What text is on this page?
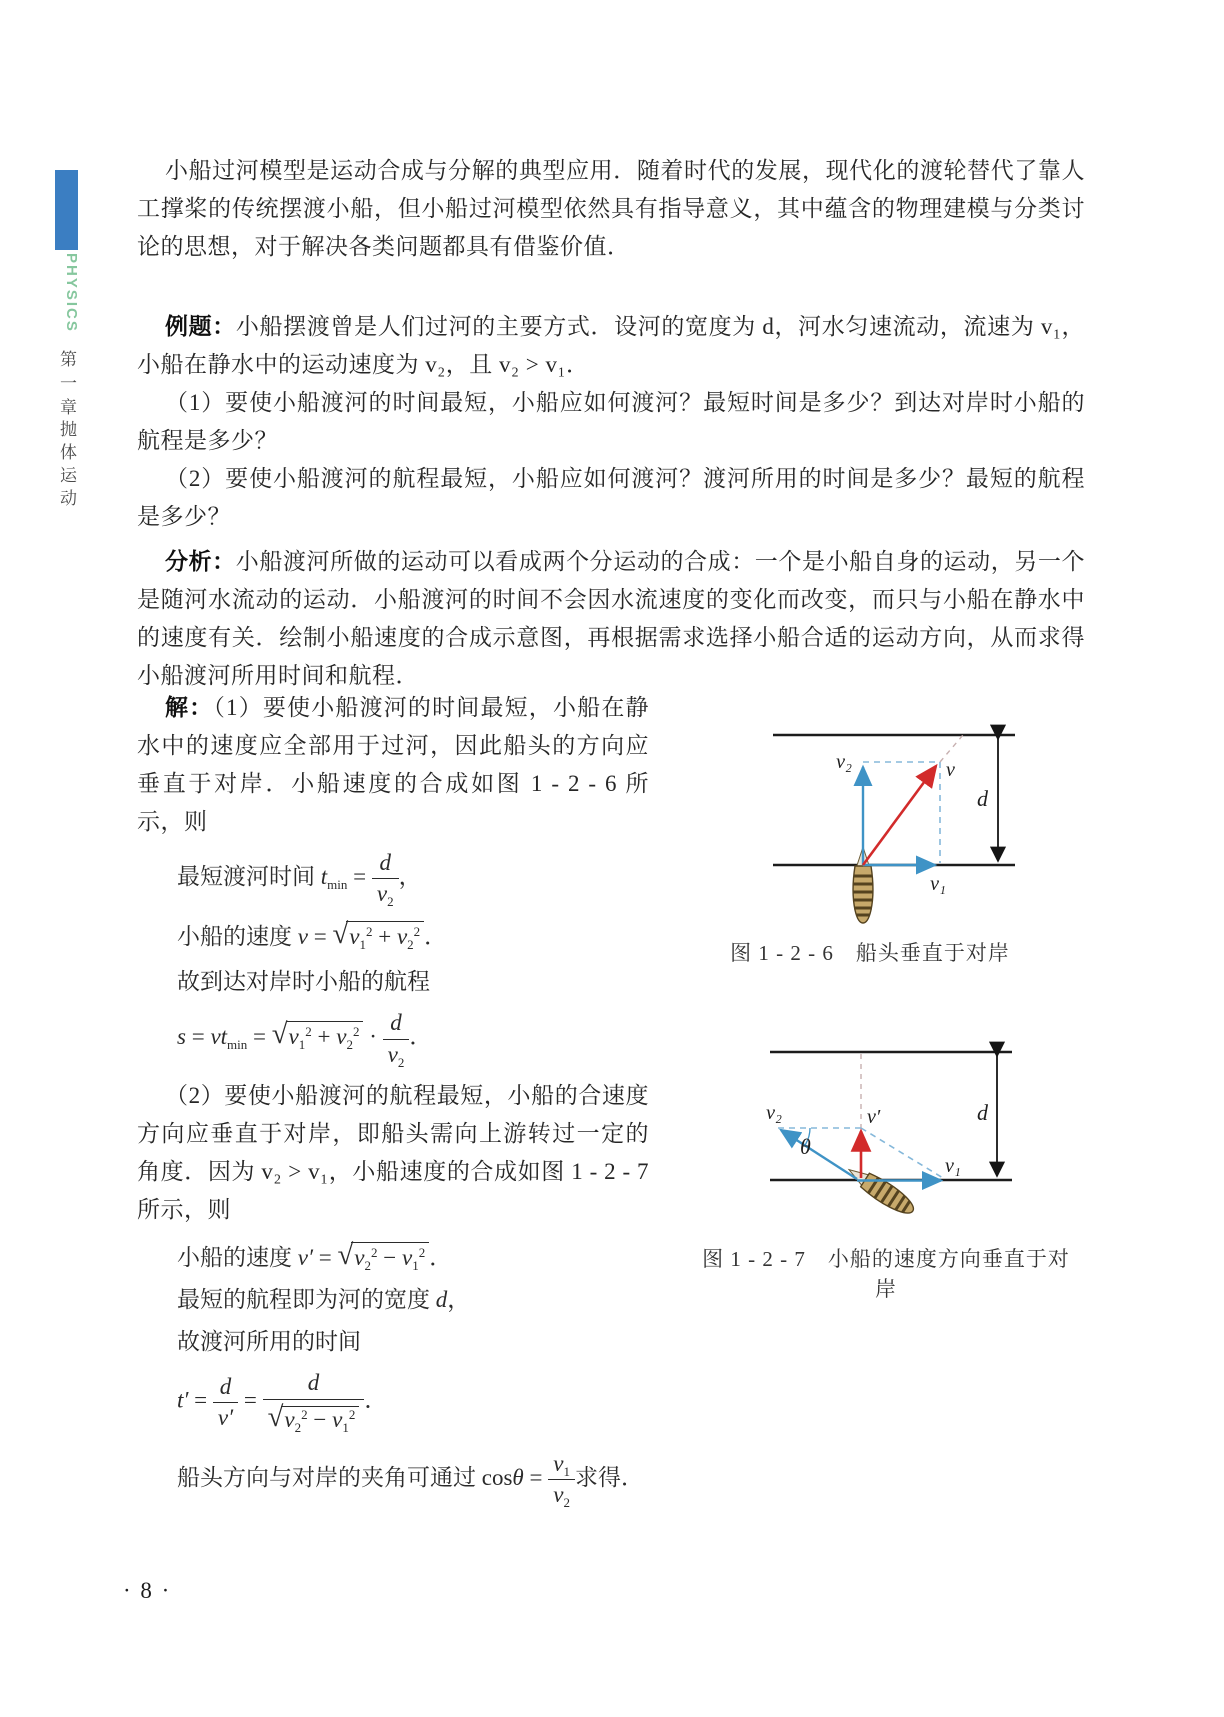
PHYSICS
第一章
抛体运动

小船过河模型是运动合成与分解的典型应用．随着时代的发展，现代化的渡轮替代了靠人工撑桨的传统摆渡小船，但小船过河模型依然具有指导意义，其中蕴含的物理建模与分类讨论的思想，对于解决各类问题都具有借鉴价值．

例题：小船摆渡曾是人们过河的主要方式．设河的宽度为 d，河水匀速流动，流速为 v₁，小船在静水中的运动速度为 v₂，且 v₂ > v₁．

（1）要使小船渡河的时间最短，小船应如何渡河？最短时间是多少？到达对岸时小船的航程是多少？

（2）要使小船渡河的航程最短，小船应如何渡河？渡河所用的时间是多少？最短的航程是多少？

分析：小船渡河所做的运动可以看成两个分运动的合成：一个是小船自身的运动，另一个是随河水流动的运动．小船渡河的时间不会因水流速度的变化而改变，而只与小船在静水中的速度有关．绘制小船速度的合成示意图，再根据需求选择小船合适的运动方向，从而求得小船渡河所用时间和航程．

解：（1）要使小船渡河的时间最短，小船在静水中的速度应全部用于过河，因此船头的方向应垂直于对岸．小船速度的合成如图 1 - 2 - 6 所示，则

最短渡河时间 $t_{min} = \frac{d}{v_2}$ ，
小船的速度 $v = √v_1^2 + v_2^2$ ．

故到达对岸时小船的航程

$s = vt_{min} = √v_1^2 + v_2^2 \cdot \frac{d}{v_2}$ ．

（2）要使小船渡河的航程最短，小船的合速度方向应垂直于对岸，即船头需向上游转过一定的角度．因为 v₂ > v₁，小船速度的合成如图 1 - 2 - 7 所示，则

小船的速度 $v' = √v_2^2 - v_1^2$ ．
最短的航程即为河的宽度 d，

故渡河所用的时间

$t' = \frac{d}{v'} = \frac{d}{√v_2^2 - v_1^2}$ ．
船头方向与对岸的夹角可通过 $\cos\theta = \frac{v_1}{v_2}$ 求得．
v₂	v
v₁
d
图 1 - 2 - 6　船头垂直于对岸
v₂	v′
v₁
d
θ
图 1 - 2 - 7　小船的速度方向垂直于对岸
· 8 ·
